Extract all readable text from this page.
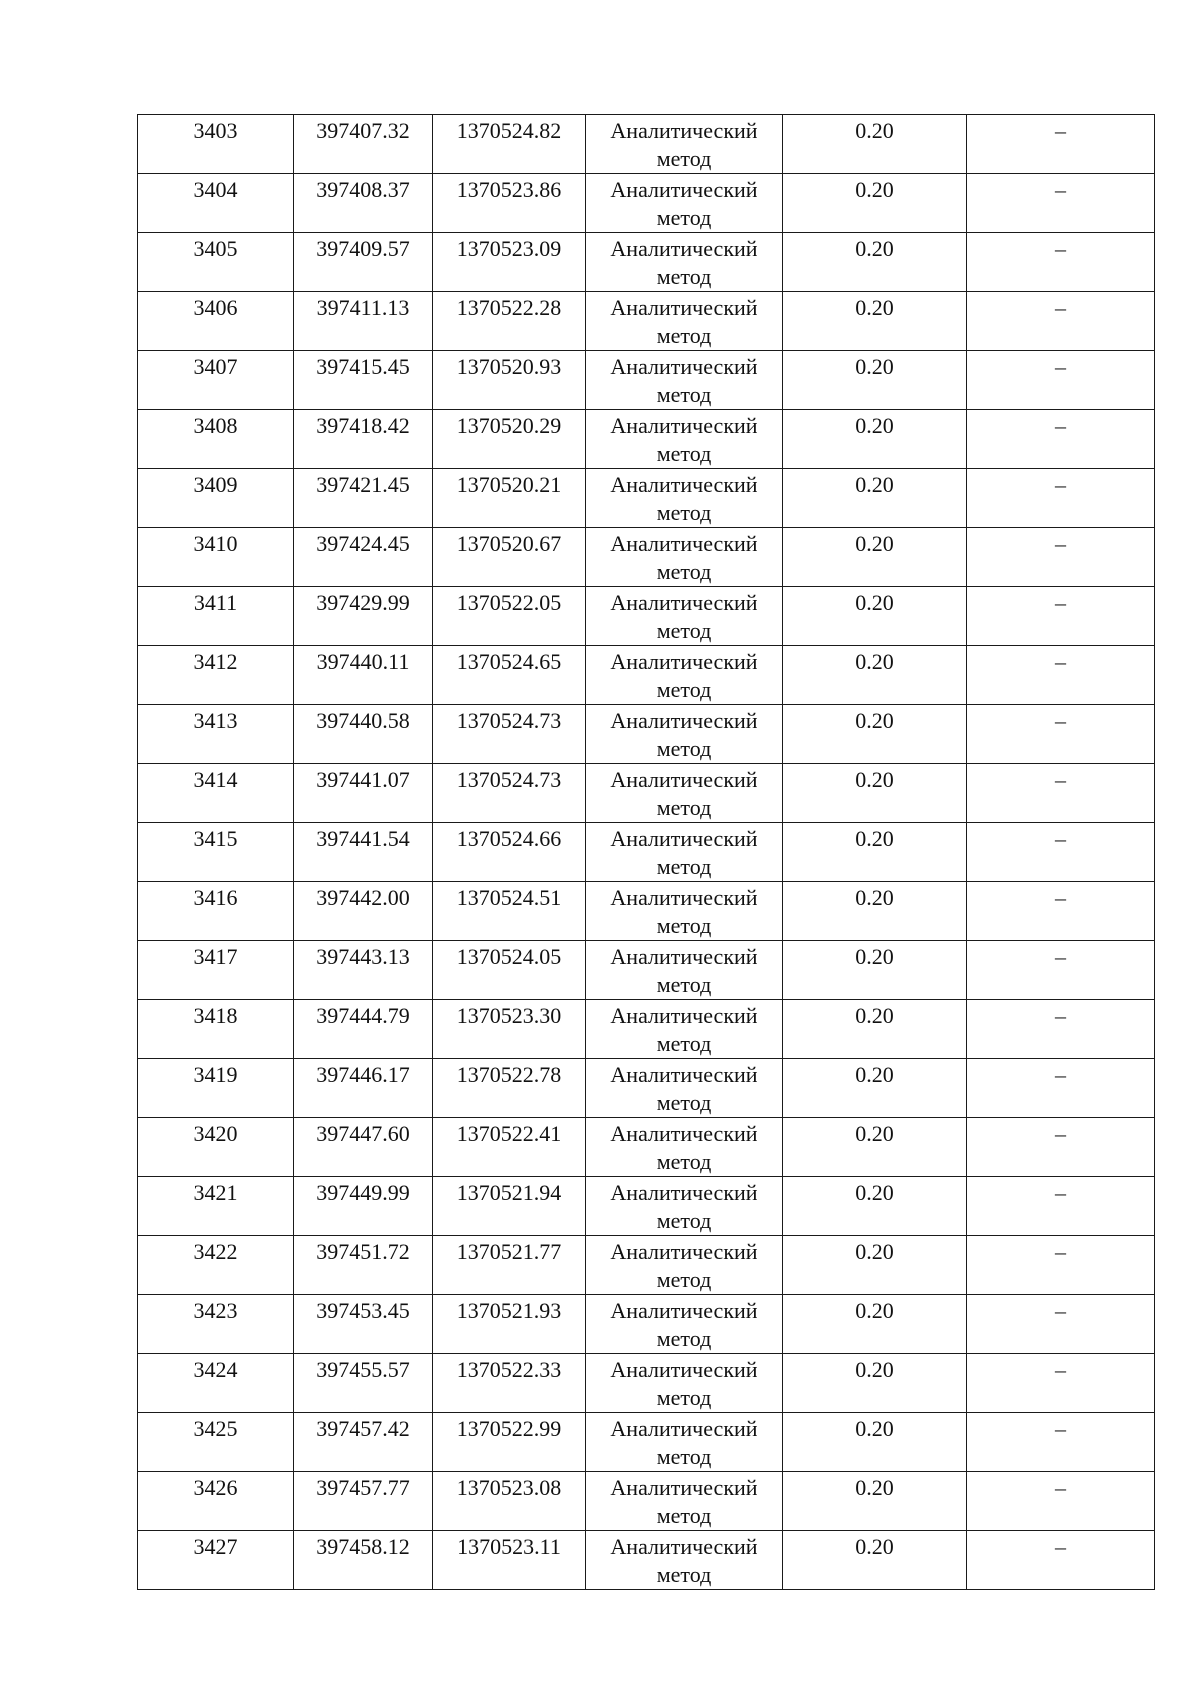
3403	397407.32	1370524.82	Аналитический метод	0.20	–

3404	397408.37	1370523.86	Аналитический метод	0.20	–

3405	397409.57	1370523.09	Аналитический метод	0.20	–

3406	397411.13	1370522.28	Аналитический метод	0.20	–

3407	397415.45	1370520.93	Аналитический метод	0.20	–

3408	397418.42	1370520.29	Аналитический метод	0.20	–

3409	397421.45	1370520.21	Аналитический метод	0.20	–

3410	397424.45	1370520.67	Аналитический метод	0.20	–

3411	397429.99	1370522.05	Аналитический метод	0.20	–

3412	397440.11	1370524.65	Аналитический метод	0.20	–

3413	397440.58	1370524.73	Аналитический метод	0.20	–

3414	397441.07	1370524.73	Аналитический метод	0.20	–

3415	397441.54	1370524.66	Аналитический метод	0.20	–

3416	397442.00	1370524.51	Аналитический метод	0.20	–

3417	397443.13	1370524.05	Аналитический метод	0.20	–

3418	397444.79	1370523.30	Аналитический метод	0.20	–

3419	397446.17	1370522.78	Аналитический метод	0.20	–

3420	397447.60	1370522.41	Аналитический метод	0.20	–

3421	397449.99	1370521.94	Аналитический метод	0.20	–

3422	397451.72	1370521.77	Аналитический метод	0.20	–

3423	397453.45	1370521.93	Аналитический метод	0.20	–

3424	397455.57	1370522.33	Аналитический метод	0.20	–

3425	397457.42	1370522.99	Аналитический метод	0.20	–

3426	397457.77	1370523.08	Аналитический метод	0.20	–

3427	397458.12	1370523.11	Аналитический метод	0.20	–
